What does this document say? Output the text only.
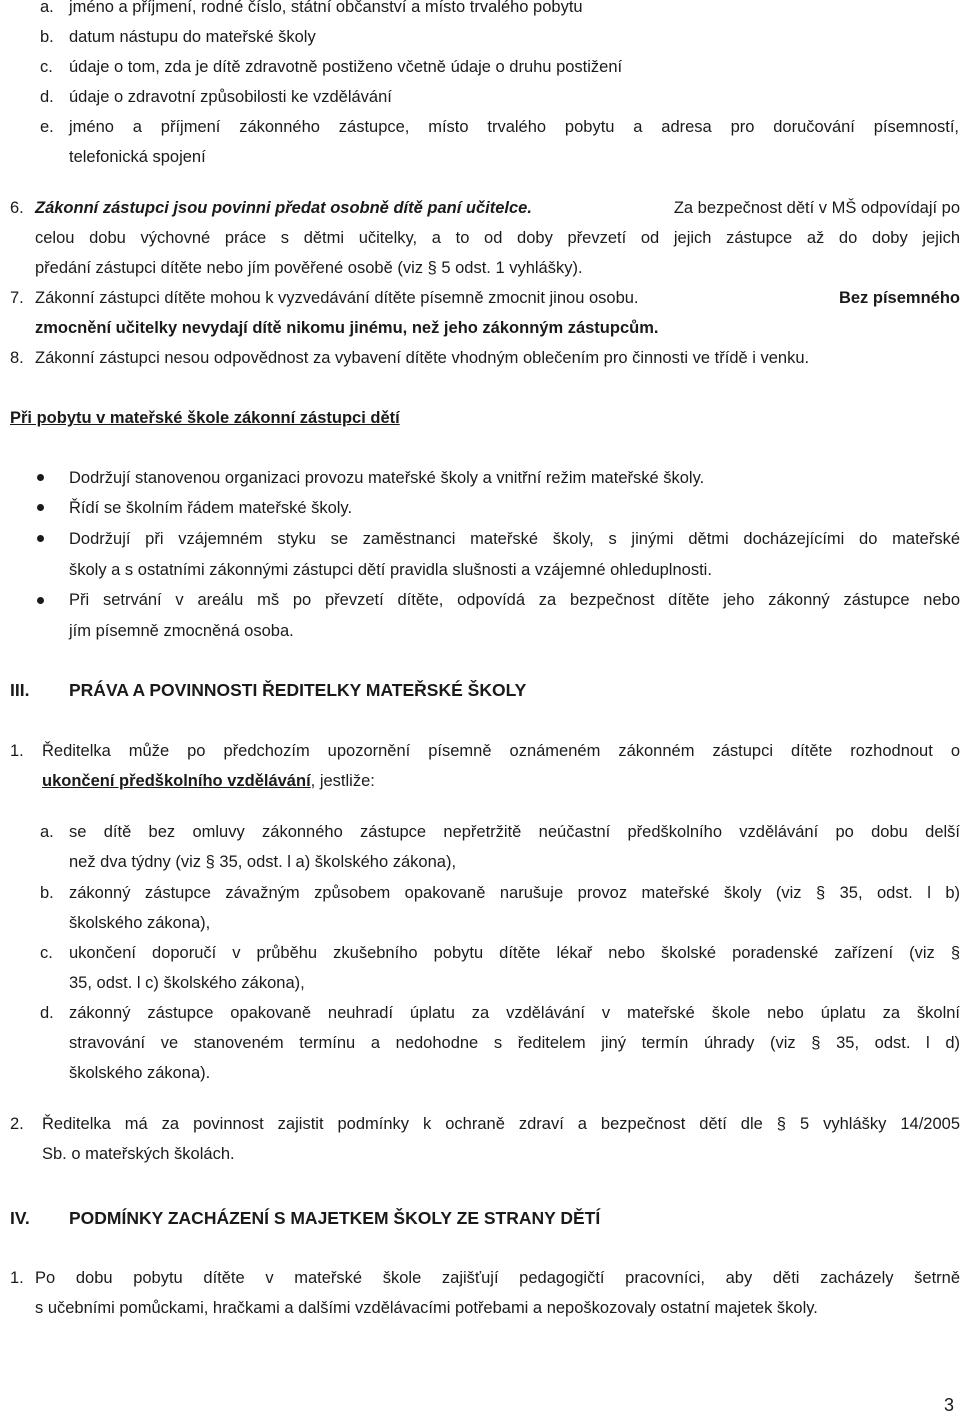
a. jméno a příjmení, rodné číslo, státní občanství a místo trvalého pobytu
b. datum nástupu do mateřské školy
c. údaje o tom, zda je dítě zdravotně postiženo včetně údaje o druhu postižení
d. údaje o zdravotní způsobilosti ke vzdělávání
e. jméno a příjmení zákonného zástupce, místo trvalého pobytu a adresa pro doručování písemností,
telefonická spojení
6. Zákonní zástupci jsou povinni předat osobně dítě paní učitelce.	Za bezpečnost dětí v MŠ odpovídají po
celou dobu výchovné práce s dětmi učitelky, a to od doby převzetí od jejich zástupce až do doby jejich
předání zástupci dítěte nebo jím pověřené osobě (viz § 5 odst. 1 vyhlášky).
7. Zákonní zástupci dítěte mohou k vyzvedávání dítěte písemně zmocnit jinou osobu.	Bez písemného
zmocnění učitelky nevydají dítě nikomu jinému, než jeho zákonným zástupcům.
8. Zákonní zástupci nesou odpovědnost za vybavení dítěte vhodným oblečením pro činnosti ve třídě i venku.
Při pobytu v mateřské škole zákonní zástupci dětí
Dodržují stanovenou organizaci provozu mateřské školy a vnitřní režim mateřské školy.
Řídí se školním řádem mateřské školy.
Dodržují při vzájemném styku se zaměstnanci mateřské školy, s jinými dětmi docházejícími do mateřské
školy a s ostatními zákonnými zástupci dětí pravidla slušnosti a vzájemné ohleduplnosti.
Při setrvání v areálu mš po převzetí dítěte, odpovídá za bezpečnost dítěte jeho zákonný zástupce nebo
jím písemně zmocněná osoba.
III. PRÁVA A POVINNOSTI ŘEDITELKY MATEŘSKÉ ŠKOLY
1. Ředitelka může po předchozím upozornění písemně oznámeném zákonném zástupci dítěte rozhodnout o
ukončení předškolního vzdělávání, jestliže:
a. se dítě bez omluvy zákonného zástupce nepřetržitě neúčastní předškolního vzdělávání po dobu delší
než dva týdny (viz § 35, odst. l a) školského zákona),
b. zákonný zástupce závažným způsobem opakovaně narušuje provoz mateřské školy (viz § 35, odst. l b)
školského zákona),
c. ukončení doporučí v průběhu zkušebního pobytu dítěte lékař nebo školské poradenské zařízení (viz §
35, odst. l c) školského zákona),
d. zákonný zástupce opakovaně neuhradí úplatu za vzdělávání v mateřské škole nebo úplatu za školní
stravování ve stanoveném termínu a nedohodne s ředitelem jiný termín úhrady (viz § 35, odst. l d)
školského zákona).
2. Ředitelka má za povinnost zajistit podmínky k ochraně zdraví a bezpečnost dětí dle § 5 vyhlášky 14/2005
Sb. o mateřských školách.
IV. PODMÍNKY ZACHÁZENÍ S MAJETKEM ŠKOLY ZE STRANY DĚTÍ
1. Po dobu pobytu dítěte v mateřské škole zajišťují pedagogičtí pracovníci, aby děti zacházely šetrně
s učebními pomůckami, hračkami a dalšími vzdělávacími potřebami a nepoškozovaly ostatní majetek školy.
3
